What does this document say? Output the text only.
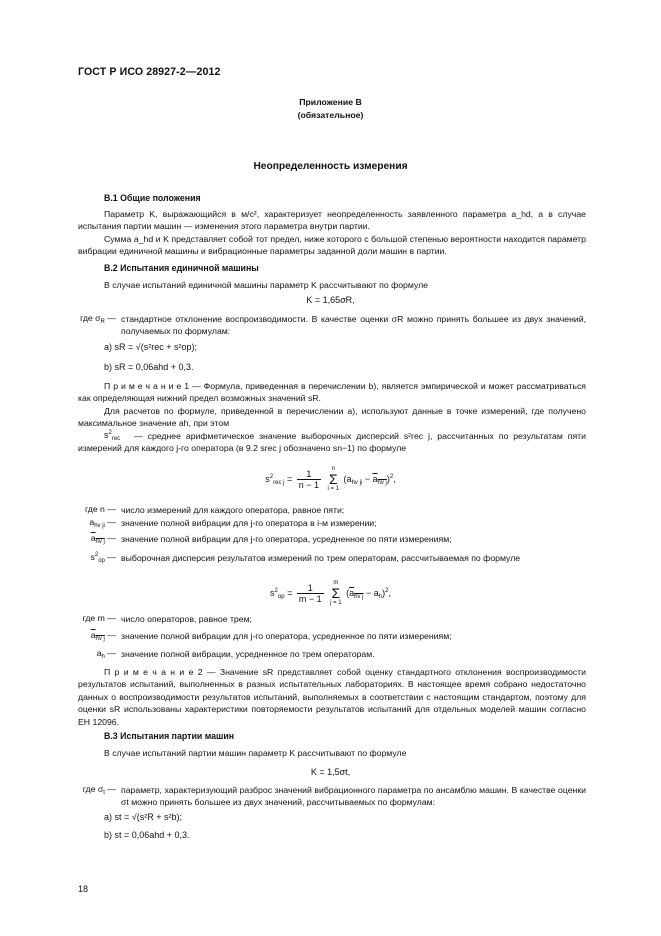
ГОСТ Р ИСО 28927-2—2012
Приложение В
(обязательное)
Неопределенность измерения
В.1 Общие положения
Параметр K, выражающийся в м/с², характеризует неопределенность заявленного параметра a_hd, а в случае испытания партии машин — изменения этого параметра внутри партии.
Сумма a_hd и K представляет собой тот предел, ниже которого с большой степенью вероятности находится параметр вибрации единичной машины и вибрационные параметры заданной доли машин в партии.
В.2 Испытания единичной машины
В случае испытаний единичной машины параметр K рассчитывают по формуле
K = 1,65σR,
где $\sigma_R$ — стандартное отклонение воспроизводимости. В качестве оценки σR можно принять большее из двух значений, получаемых по формулам:
a) sR = √(s²rec + s²op);
b) sR = 0,06ahd + 0,3.
П р и м е ч а н и е 1 — Формула, приведенная в перечислении b), является эмпирической и может рассматриваться как определяющая нижний предел возможных значений sR.
Для расчетов по формуле, приведенной в перечислении а), используют данные в точке измерений, где получено максимальное значение ah, при этом
$s^2_{rec}$	— среднее арифметическое значение выборочных дисперсий s²rec j, рассчитанных по результатам пяти измерений для каждого j-го оператора (в 9.2 srec j обозначено sn−1) по формуле
$s^2_{rec j} = \frac{1}{n - 1}$ n
Σ
i = 1 $(a_{hv ji} - a_{hv j})^2$,
где n — число измерений для каждого оператора, равное пяти;
$a_{hv ji}$ — значение полной вибрации для j-го оператора в i-м измерении;
$a_{hv j}$ — значение полной вибрации для j-го оператора, усредненное по пяти измерениям;
$s^2_{op}$ — выборочная дисперсия результатов измерений по трем операторам, рассчитываемая по формуле
$s^2_{op} = \frac{1}{m - 1}$ m
Σ
j = 1 $(a_{hv j} - a_h)^2$,
где m — число операторов, равное трем;
$a_{hv j}$ — значение полной вибрации для j-го оператора, усредненное по пяти измерениям;
$a_h$ — значение полной вибрации, усредненное по трем операторам.
П р и м е ч а н и е 2 — Значение sR представляет собой оценку стандартного отклонения воспроизводимости результатов испытаний, выполненных в разных испытательных лабораториях. В настоящее время собрано недостаточно данных о воспроизводимости результатов испытаний, выполняемых в соответствии с настоящим стандартом, поэтому для оценки sR использованы характеристики повторяемости результатов испытаний для отдельных моделей машин согласно ЕН 12096.
В.3 Испытания партии машин
В случае испытаний партии машин параметр K рассчитывают по формуле
K = 1,5σt,
где $\sigma_t$ — параметр, характеризующий разброс значений вибрационного параметра по ансамблю машин. В качестве оценки σt можно принять большее из двух значений, рассчитываемых по формулам:
a) st = √(s²R + s²b);
b) st = 0,06ahd + 0,3.
18
